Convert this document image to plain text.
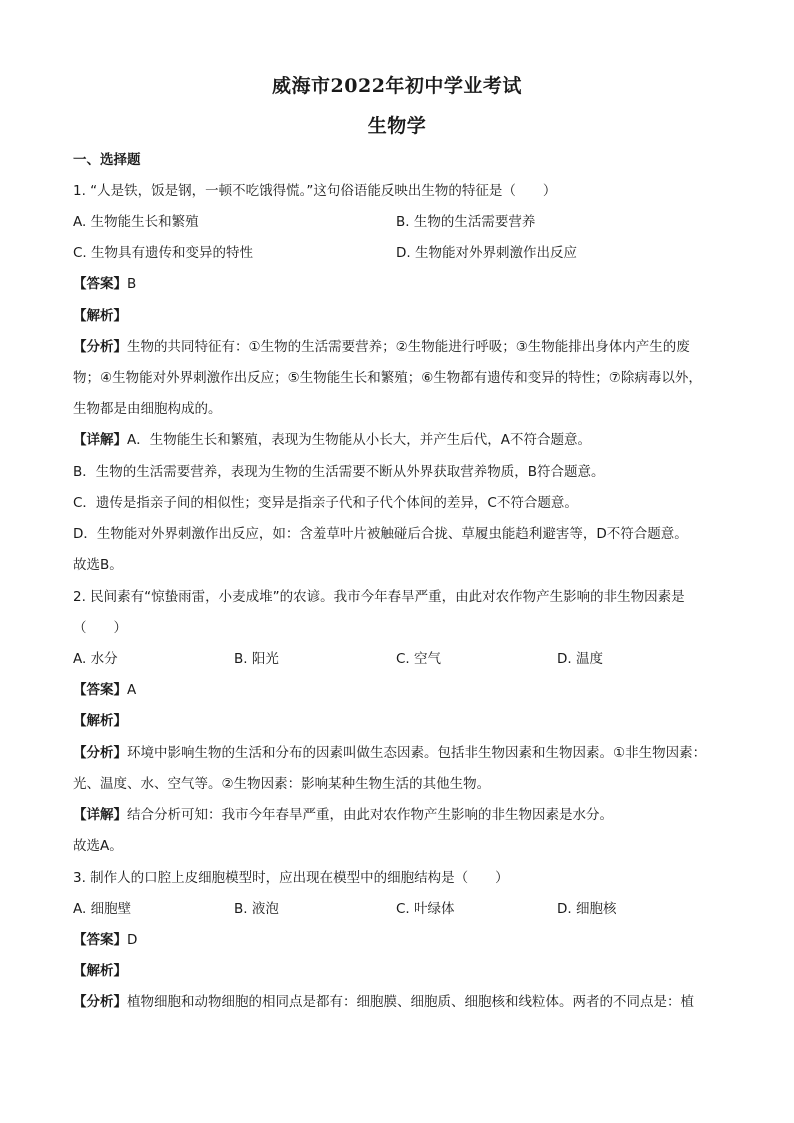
威海市2022年初中学业考试
生物学
一、选择题
1. “人是铁，饭是钢，一顿不吃饿得慌。”这句俗语能反映出生物的特征是（　　）
A. 生物能生长和繁殖	B. 生物的生活需要营养
C. 生物具有遗传和变异的特性	D. 生物能对外界刺激作出反应
【答案】B
【解析】
【分析】生物的共同特征有：①生物的生活需要营养；②生物能进行呼吸；③生物能排出身体内产生的废
物；④生物能对外界刺激作出反应；⑤生物能生长和繁殖；⑥生物都有遗传和变异的特性；⑦除病毒以外，
生物都是由细胞构成的。
【详解】A．生物能生长和繁殖，表现为生物能从小长大，并产生后代，A不符合题意。
B．生物的生活需要营养，表现为生物的生活需要不断从外界获取营养物质，B符合题意。
C．遗传是指亲子间的相似性；变异是指亲子代和子代个体间的差异，C不符合题意。
D．生物能对外界刺激作出反应，如：含羞草叶片被触碰后合拢、草履虫能趋利避害等，D不符合题意。
故选B。
2. 民间素有“惊蛰雨雷，小麦成堆”的农谚。我市今年春旱严重，由此对农作物产生影响的非生物因素是
（　　）
A. 水分	B. 阳光	C. 空气	D. 温度
【答案】A
【解析】
【分析】环境中影响生物的生活和分布的因素叫做生态因素。包括非生物因素和生物因素。①非生物因素：
光、温度、水、空气等。②生物因素：影响某种生物生活的其他生物。
【详解】结合分析可知：我市今年春旱严重，由此对农作物产生影响的非生物因素是水分。
故选A。
3. 制作人的口腔上皮细胞模型时，应出现在模型中的细胞结构是（　　）
A. 细胞壁	B. 液泡	C. 叶绿体	D. 细胞核
【答案】D
【解析】
【分析】植物细胞和动物细胞的相同点是都有：细胞膜、细胞质、细胞核和线粒体。两者的不同点是：植
